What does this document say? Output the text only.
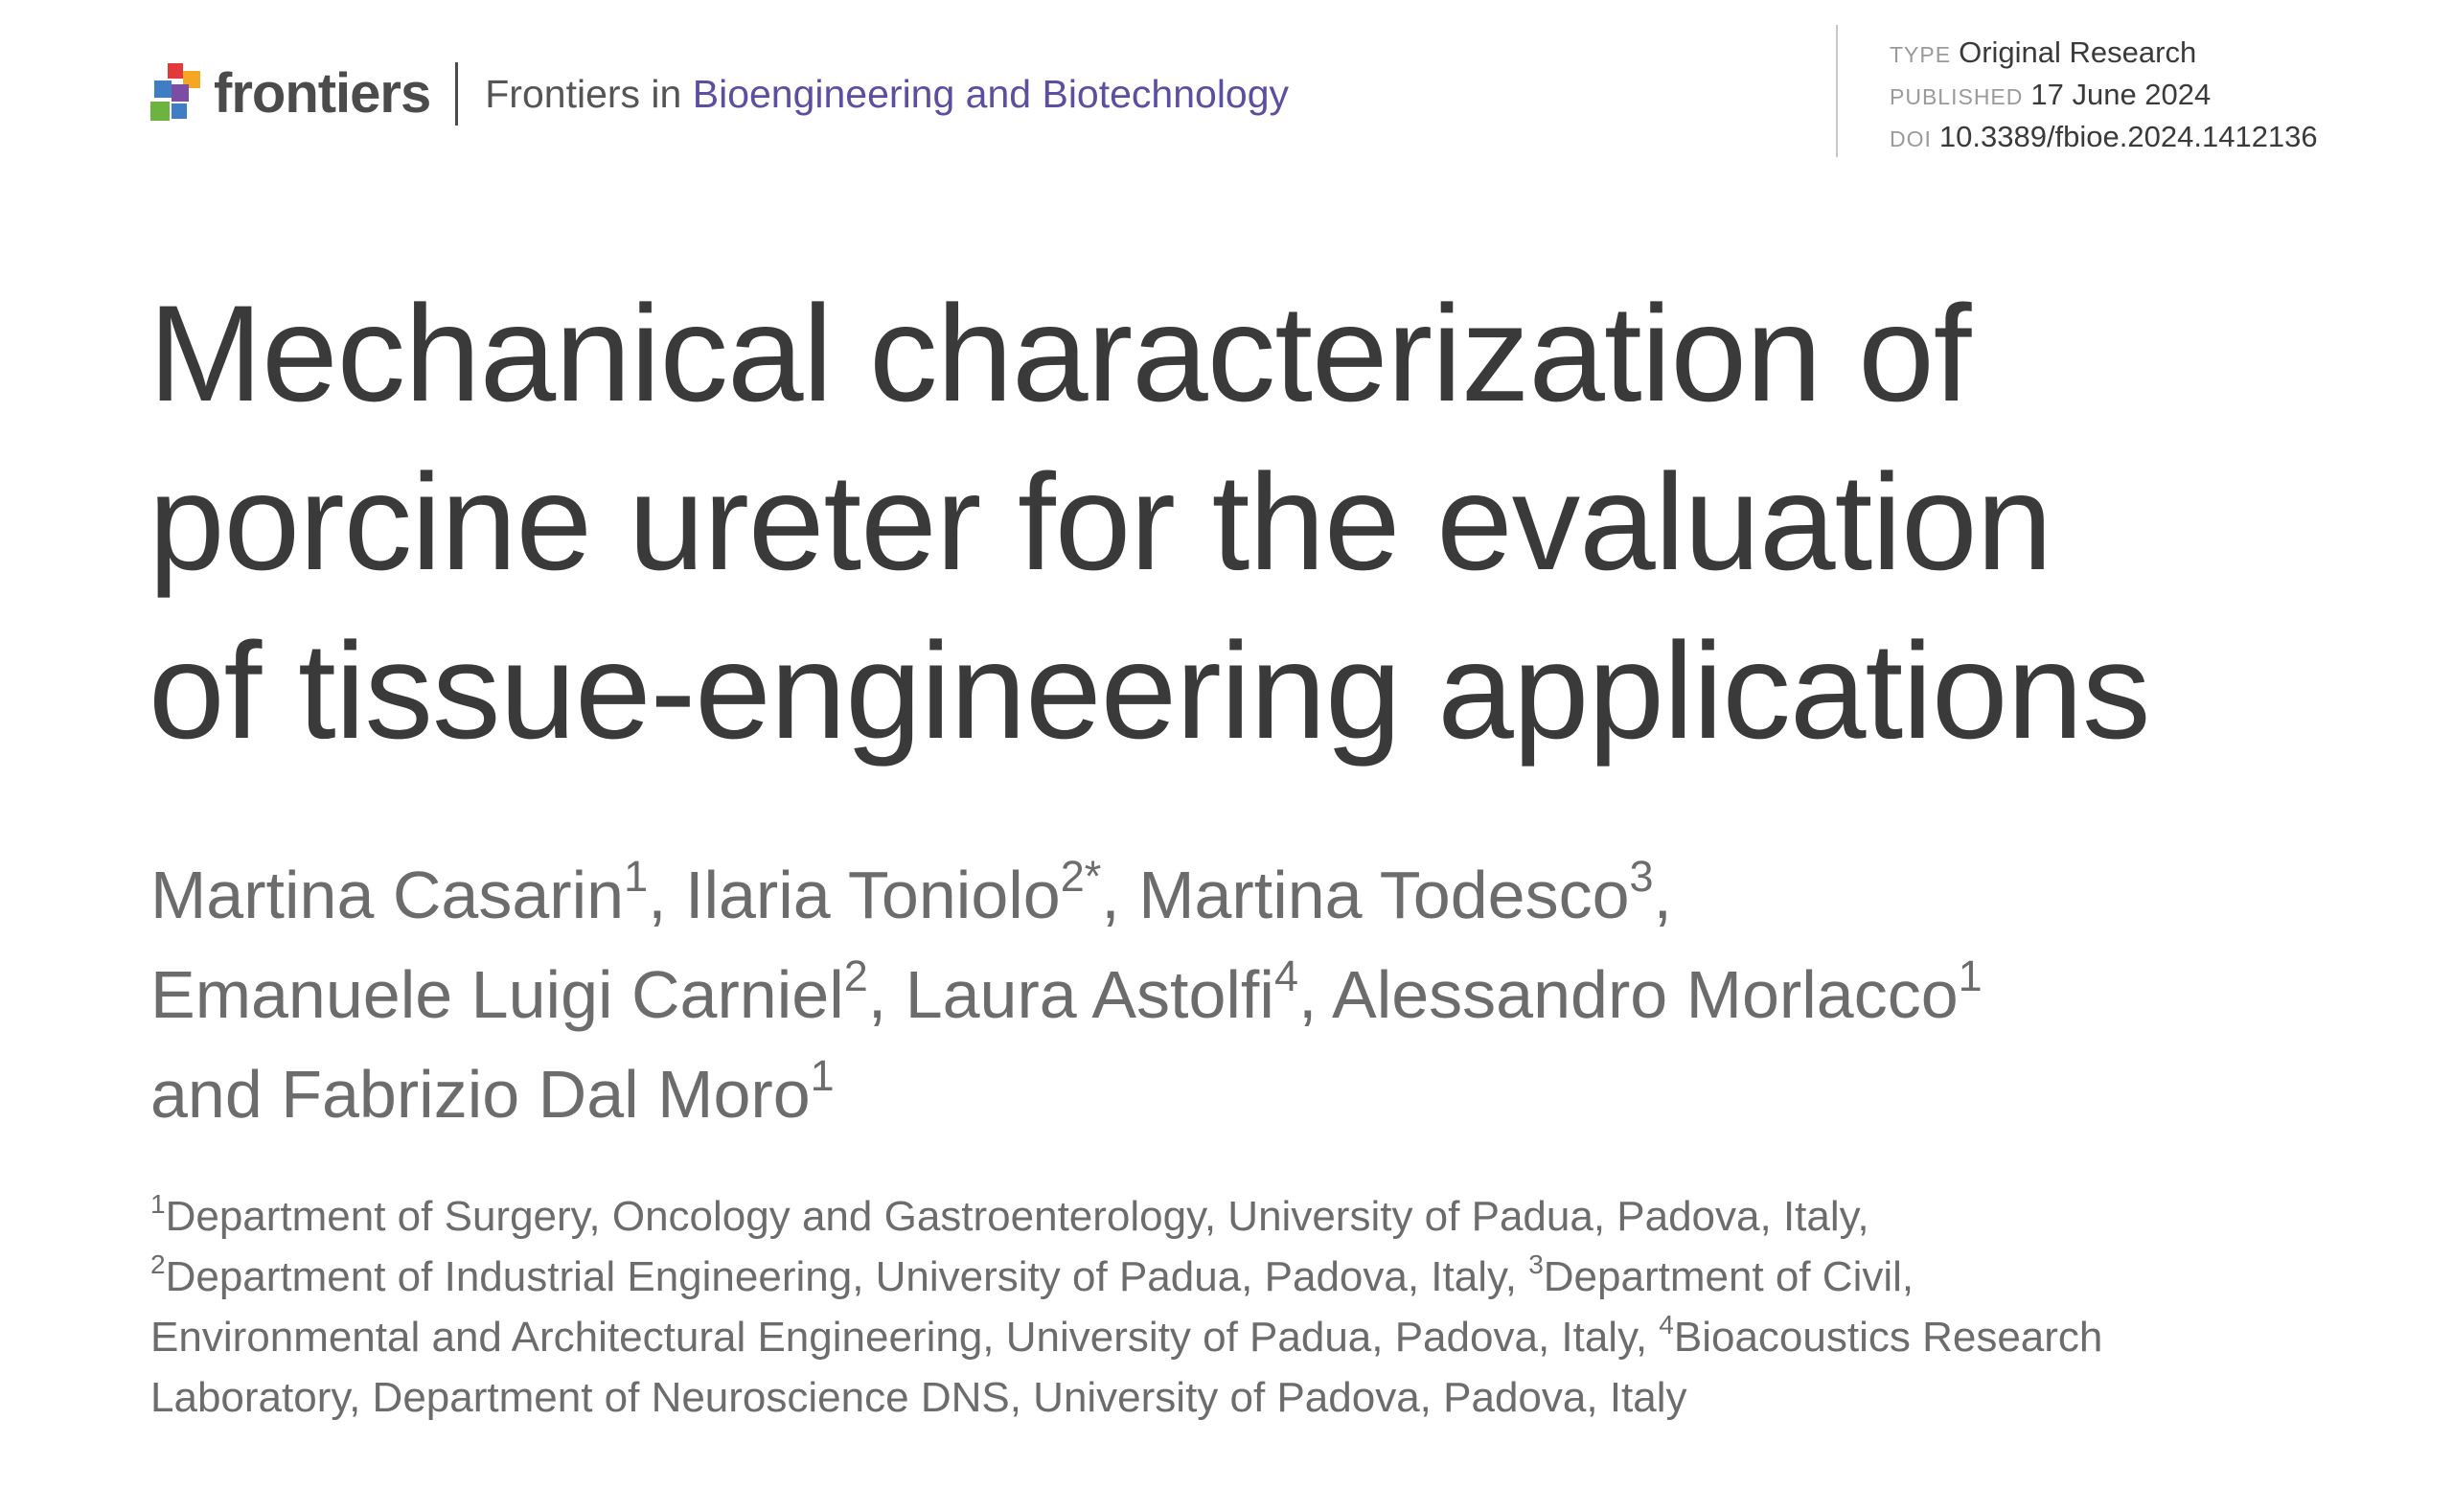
frontiers Frontiers in Bioengineering and Biotechnology
TYPE Original Research
PUBLISHED 17 June 2024
DOI 10.3389/fbioe.2024.1412136
Mechanical characterization of
porcine ureter for the evaluation
of tissue-engineering applications
Martina Casarin$^1$, Ilaria Toniolo$^{2*}$, Martina Todesco$^3$,
Emanuele Luigi Carniel$^2$, Laura Astolfi$^4$, Alessandro Morlacco$^1$
and Fabrizio Dal Moro$^1$
$^1$Department of Surgery, Oncology and Gastroenterology, University of Padua, Padova, Italy,
$^2$Department of Industrial Engineering, University of Padua, Padova, Italy, $^3$Department of Civil,
Environmental and Architectural Engineering, University of Padua, Padova, Italy, $^4$Bioacoustics Research
Laboratory, Department of Neuroscience DNS, University of Padova, Padova, Italy
